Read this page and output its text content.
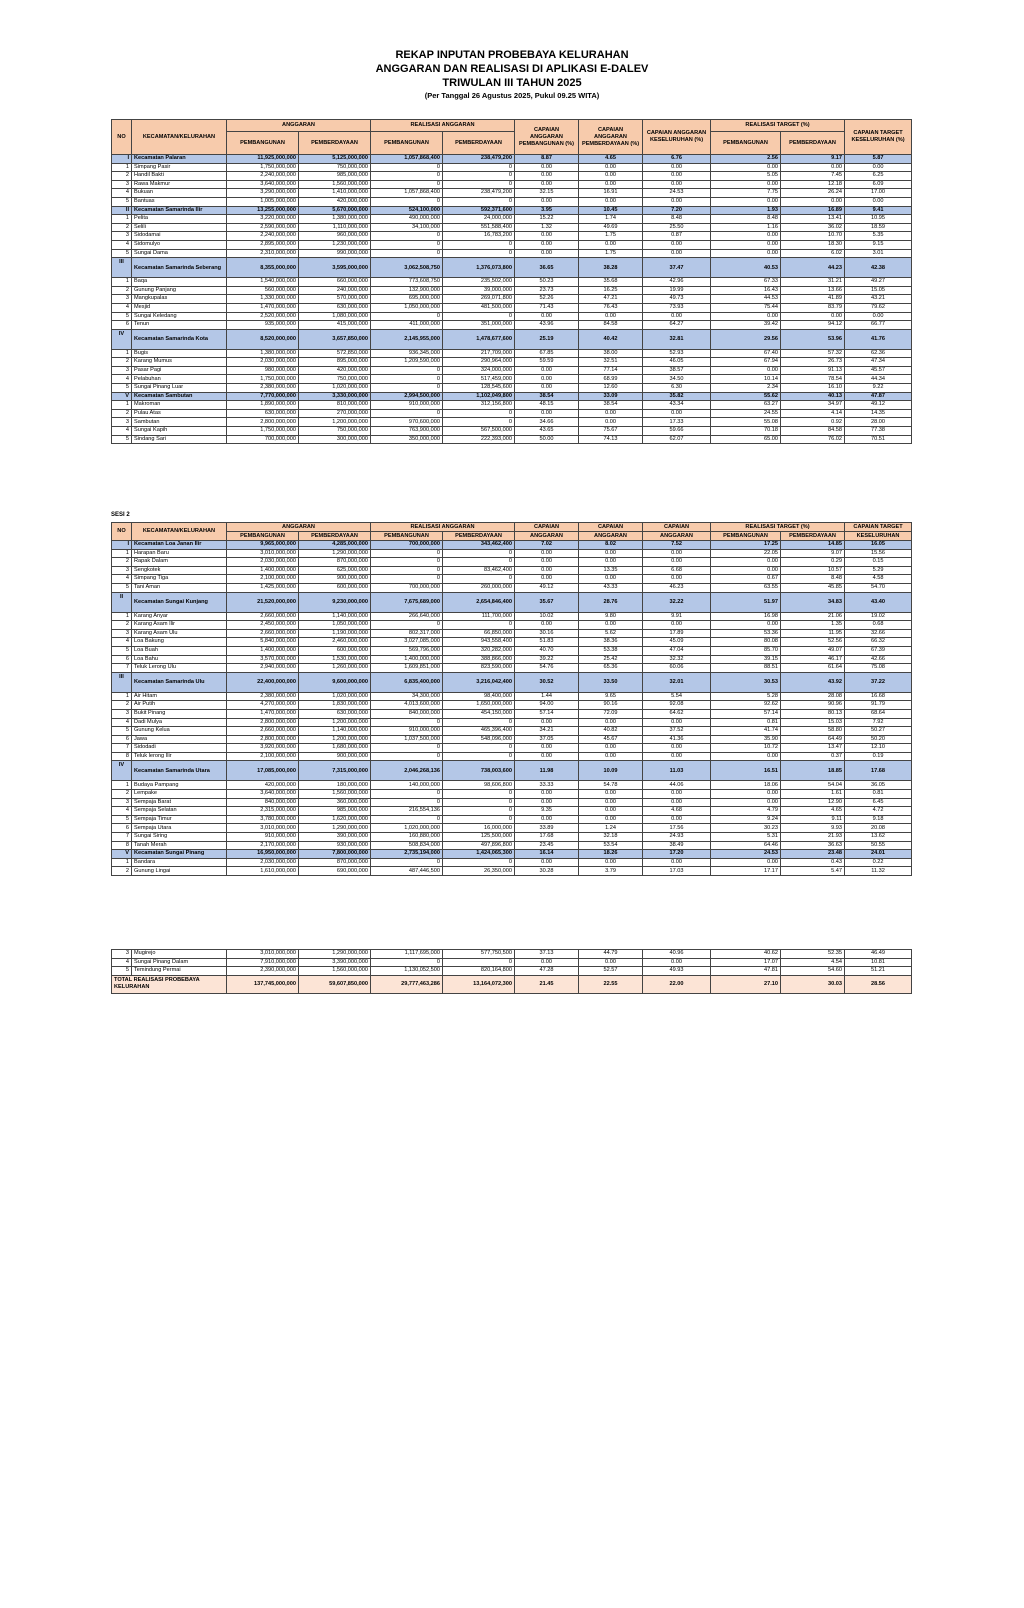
REKAP INPUTAN PROBEBAYA KELURAHAN
ANGGARAN DAN REALISASI DI APLIKASI E-DALEV
TRIWULAN III TAHUN 2025
(Per Tanggal 26 Agustus 2025, Pukul 09.25 WITA)
NO	KECAMATAN/KELURAHAN	ANGGARAN		REALISASI ANGGARAN		CAPAIAN ANGGARAN PEMBANGUNAN (%)	CAPAIAN ANGGARAN PEMBERDAYAAN (%)	CAPAIAN ANGGARAN KESELURUHAN (%)	REALISASI TARGET (%)		CAPAIAN TARGET KESELURUHAN (%)
		PEMBANGUNAN	PEMBERDAYAAN	PEMBANGUNAN	PEMBERDAYAAN				PEMBANGUNAN	PEMBERDAYAAN	
I	Kecamatan Palaran	11,925,000,000	5,125,000,000	1,057,868,400	238,479,200	8.87	4.65	6.76	2.56	9.17	5.87
1	Simpang Pasir	1,750,000,000	750,000,000	0	0	0.00	0.00	0.00	0.00	0.00	0.00
2	Handil Bakti	2,240,000,000	985,000,000	0	0	0.00	0.00	0.00	5.05	7.45	6.25
3	Rawa Makmur	3,640,000,000	1,560,000,000	0	0	0.00	0.00	0.00	0.00	12.18	6.09
4	Bukuan	3,290,000,000	1,410,000,000	1,057,868,400	238,479,200	32.15	16.91	24.53	7.75	26.24	17.00
5	Bantuas	1,005,000,000	420,000,000	0	0	0.00	0.00	0.00	0.00	0.00	0.00
II	Kecamatan Samarinda Ilir	13,255,000,000	5,670,000,000	524,100,000	592,371,600	3.95	10.45	7.20	1.93	16.89	9.41
1	Pelita	3,220,000,000	1,380,000,000	490,000,000	24,000,000	15.22	1.74	8.48	8.48	13.41	10.95
2	Selili	2,590,000,000	1,110,000,000	34,100,000	551,588,400	1.32	49.69	25.50	1.16	36.02	18.59
3	Sidodamai	2,240,000,000	960,000,000	0	16,783,200	0.00	1.75	0.87	0.00	10.70	5.35
4	Sidomulyo	2,895,000,000	1,230,000,000	0	0	0.00	0.00	0.00	0.00	18.30	9.15
5	Sungai Dama	2,310,000,000	990,000,000	0	0	0.00	1.75	0.00	0.00	6.02	3.01
III	Kecamatan Samarinda Seberang	8,355,000,000	3,595,000,000	3,062,508,750	1,376,073,800	36.65	38.28	37.47	40.53	44.23	42.38
1	Baqa	1,540,000,000	660,000,000	773,608,750	235,502,000	50.23	35.68	42.96	67.33	31.21	49.27
2	Gunung Panjang	560,000,000	240,000,000	132,900,000	39,000,000	23.73	16.25	19.99	16.43	13.66	15.05
3	Mangkupalas	1,330,000,000	570,000,000	695,000,000	269,071,800	52.26	47.21	49.73	44.53	41.89	43.21
4	Mesjid	1,470,000,000	630,000,000	1,050,000,000	481,500,000	71.43	76.43	73.93	75.44	83.79	79.62
5	Sungai Keledang	2,520,000,000	1,080,000,000	0	0	0.00	0.00	0.00	0.00	0.00	0.00
6	Tenun	935,000,000	415,000,000	411,000,000	351,000,000	43.96	84.58	64.27	39.42	94.12	66.77
IV	Kecamatan Samarinda Kota	8,520,000,000	3,657,850,000	2,145,955,000	1,478,677,600	25.19	40.42	32.81	29.56	53.96	41.76
1	Bugis	1,380,000,000	572,850,000	936,345,000	217,709,000	67.85	38.00	52.93	67.40	57.32	62.36
2	Karang Mumus	2,030,000,000	895,000,000	1,209,590,000	290,964,000	59.59	32.51	46.05	67.94	26.73	47.34
3	Pasar Pagi	980,000,000	420,000,000	0	324,000,000	0.00	77.14	38.57	0.00	91.13	45.57
4	Pelabuhan	1,750,000,000	750,000,000	0	517,459,000	0.00	68.99	34.50	10.14	78.54	44.34
5	Sungai Pinang Luar	2,380,000,000	1,020,000,000	0	128,545,600	0.00	12.60	6.30	2.34	16.10	9.22
V	Kecamatan Sambutan	7,770,000,000	3,330,000,000	2,994,500,000	1,102,049,800	38.54	33.09	35.82	55.62	40.13	47.87
1	Makroman	1,890,000,000	810,000,000	910,000,000	312,156,800	48.15	38.54	43.34	63.27	34.97	49.12
2	Pulau Atas	630,000,000	270,000,000	0	0	0.00	0.00	0.00	24.55	4.14	14.35
3	Sambutan	2,800,000,000	1,200,000,000	970,600,000	0	34.66	0.00	17.33	55.08	0.92	28.00
4	Sungai Kapih	1,750,000,000	750,000,000	763,900,000	567,500,000	43.65	75.67	59.66	70.18	84.58	77.38
5	Sindang Sari	700,000,000	300,000,000	350,000,000	222,393,000	50.00	74.13	62.07	65.00	76.02	70.51
SESI 2
NO	KECAMATAN/KELURAHAN	ANGGARAN		REALISASI ANGGARAN		CAPAIAN	CAPAIAN	CAPAIAN	REALISASI TARGET (%)		CAPAIAN TARGET
		PEMBANGUNAN	PEMBERDAYAAN	PEMBANGUNAN	PEMBERDAYAAN	ANGGARAN	ANGGARAN	ANGGARAN	PEMBANGUNAN	PEMBERDAYAAN	KESELURUHAN
I	Kecamatan Loa Janan Ilir	9,965,000,000	4,285,000,000	700,000,000	343,462,400	7.02	8.02	7.52	17.25	14.85	16.05
1	Harapan Baru	3,010,000,000	1,290,000,000	0	0	0.00	0.00	0.00	22.05	9.07	15.56
2	Rapak Dalam	2,030,000,000	870,000,000	0	0	0.00	0.00	0.00	0.00	0.29	0.15
3	Sengkotek	1,400,000,000	625,000,000	0	83,462,400	0.00	13.35	6.68	0.00	10.57	5.29
4	Simpang Tiga	2,100,000,000	900,000,000	0	0	0.00	0.00	0.00	0.67	8.48	4.58
5	Tani Aman	1,425,000,000	600,000,000	700,000,000	260,000,000	49.12	43.33	46.23	63.55	45.85	54.70
II	Kecamatan Sungai Kunjang	21,520,000,000	9,230,000,000	7,675,689,000	2,654,846,400	35.67	28.76	32.22	51.97	34.83	43.40
1	Karang Anyar	2,660,000,000	1,140,000,000	266,640,000	111,700,000	10.02	9.80	9.91	16.98	21.06	19.02
2	Karang Asam Ilir	2,450,000,000	1,050,000,000	0	0	0.00	0.00	0.00	0.00	1.35	0.68
3	Karang Asam Ulu	2,660,000,000	1,190,000,000	802,317,000	66,850,000	30.16	5.62	17.89	53.36	11.95	32.66
4	Loa Bakung	5,840,000,000	2,460,000,000	3,027,085,000	943,558,400	51.83	38.36	45.09	80.08	52.56	66.32
5	Loa Buah	1,400,000,000	600,000,000	569,796,000	320,282,000	40.70	53.38	47.04	85.70	49.07	67.39
6	Loa Bahu	3,570,000,000	1,530,000,000	1,400,000,000	388,866,000	39.22	25.42	32.32	39.15	46.17	42.66
7	Teluk Lerong Ulu	2,940,000,000	1,260,000,000	1,609,851,000	823,590,000	54.76	65.36	60.06	88.51	61.64	75.08
III	Kecamatan Samarinda Ulu	22,400,000,000	9,600,000,000	6,835,400,000	3,216,042,400	30.52	33.50	32.01	30.53	43.92	37.22
1	Air Hitam	2,380,000,000	1,020,000,000	34,300,000	98,400,000	1.44	9.65	5.54	5.28	28.08	16.68
2	Air Putih	4,270,000,000	1,830,000,000	4,013,600,000	1,650,000,000	94.00	90.16	92.08	92.62	90.96	91.79
3	Bukit Pinang	1,470,000,000	630,000,000	840,000,000	454,150,000	57.14	72.09	64.62	57.14	80.13	68.64
4	Dadi Mulya	2,800,000,000	1,200,000,000	0	0	0.00	0.00	0.00	0.81	15.03	7.92
5	Gunung Kelua	2,660,000,000	1,140,000,000	910,000,000	465,396,400	34.21	40.82	37.52	41.74	58.80	50.27
6	Jawa	2,800,000,000	1,200,000,000	1,037,500,000	548,096,000	37.05	45.67	41.36	35.90	64.49	50.20
7	Sidodadi	3,920,000,000	1,680,000,000	0	0	0.00	0.00	0.00	10.72	13.47	12.10
8	Teluk lerong Ilir	2,100,000,000	900,000,000	0	0	0.00	0.00	0.00	0.00	0.37	0.19
IV	Kecamatan Samarinda Utara	17,085,000,000	7,315,000,000	2,046,268,136	738,003,600	11.98	10.09	11.03	16.51	18.85	17.68
1	Budaya Pampang	420,000,000	180,000,000	140,000,000	98,606,800	33.33	54.78	44.06	18.06	54.04	36.05
2	Lempake	3,640,000,000	1,560,000,000	0	0	0.00	0.00	0.00	0.00	1.61	0.81
3	Sempaja Barat	840,000,000	360,000,000	0	0	0.00	0.00	0.00	0.00	12.90	6.45
4	Sempaja Selatan	2,315,000,000	985,000,000	216,554,136	0	9.35	0.00	4.68	4.79	4.65	4.72
5	Sempaja Timur	3,780,000,000	1,620,000,000	0	0	0.00	0.00	0.00	9.24	9.11	9.18
6	Sempaja Utara	3,010,000,000	1,290,000,000	1,020,000,000	16,000,000	33.89	1.24	17.56	30.23	9.93	20.08
7	Sungai Siring	910,000,000	390,000,000	160,880,000	125,500,000	17.68	32.18	24.93	5.31	21.93	13.62
8	Tanah Merah	2,170,000,000	930,000,000	508,834,000	497,896,800	23.45	53.54	38.49	64.46	36.63	50.55
V	Kecamatan Sungai Pinang	16,950,000,000	7,800,000,000	2,735,194,000	1,424,065,300	16.14	18.26	17.20	24.53	23.48	24.01
1	Bandara	2,030,000,000	870,000,000	0	0	0.00	0.00	0.00	0.00	0.43	0.22
2	Gunung Lingai	1,610,000,000	690,000,000	487,446,500	26,350,000	30.28	3.79	17.03	17.17	5.47	11.32
3	Mugirejo	3,010,000,000	1,290,000,000	1,117,695,000	577,750,500	37.13	44.79	40.96	40.62	52.35	46.49
4	Sungai Pinang Dalam	7,910,000,000	3,390,000,000	0	0	0.00	0.00	0.00	17.07	4.54	10.81
5	Temindung Permai	2,390,000,000	1,560,000,000	1,130,052,500	820,164,800	47.28	52.57	49.93	47.81	54.60	51.21
TOTAL REALISASI PROBEBAYA KELURAHAN		137,745,000,000	59,607,850,000	29,777,463,286	13,164,072,300	21.45	22.55	22.00	27.10	30.03	28.56
